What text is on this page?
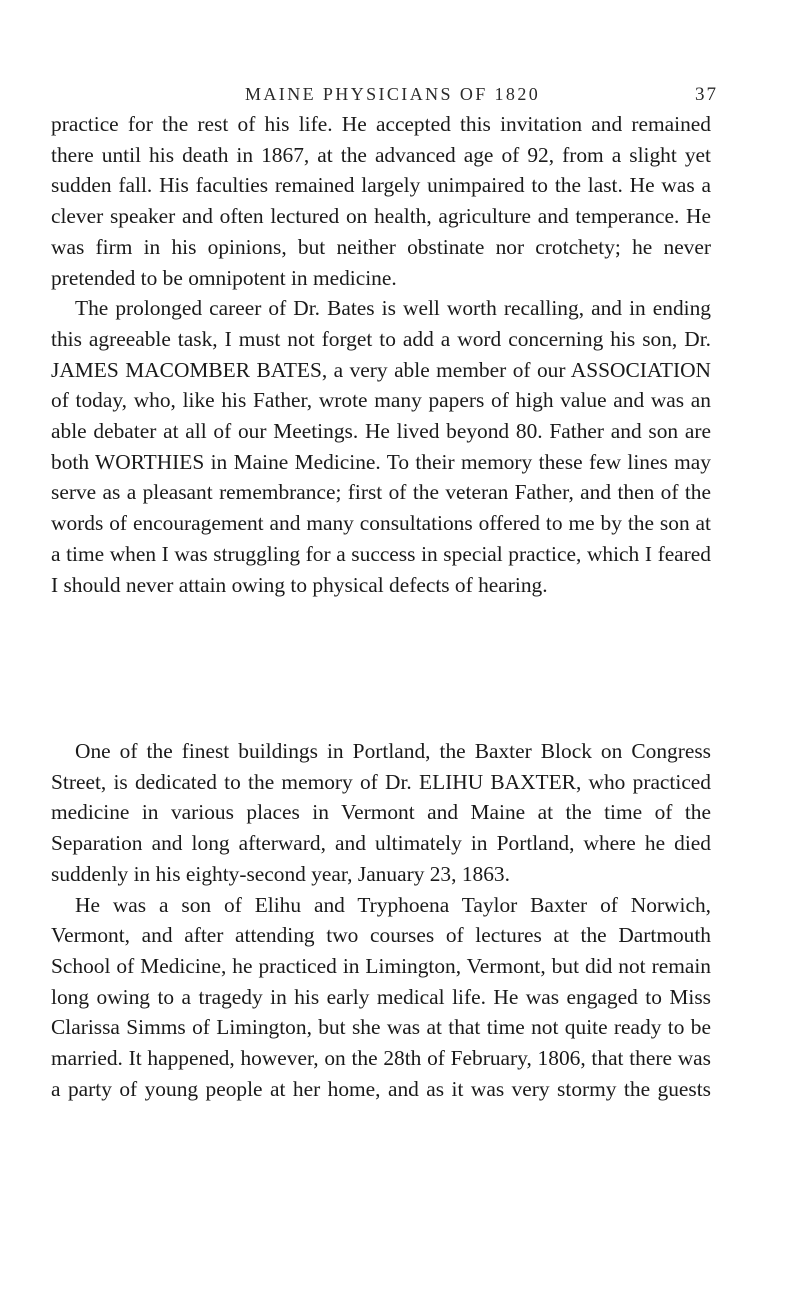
MAINE PHYSICIANS OF 1820	37

practice for the rest of his life. He accepted this invitation and remained there until his death in 1867, at the advanced age of 92, from a slight yet sudden fall. His faculties remained largely unimpaired to the last. He was a clever speaker and often lectured on health, agriculture and temperance. He was firm in his opinions, but neither obstinate nor crotchety; he never pretended to be omnipotent in medicine.

The prolonged career of Dr. Bates is well worth recalling, and in ending this agreeable task, I must not forget to add a word concerning his son, Dr. JAMES MACOMBER BATES, a very able member of our ASSOCIATION of today, who, like his Father, wrote many papers of high value and was an able debater at all of our Meetings. He lived beyond 80. Father and son are both WORTHIES in Maine Medicine. To their memory these few lines may serve as a pleasant remembrance; first of the veteran Father, and then of the words of encouragement and many consultations offered to me by the son at a time when I was struggling for a success in special practice, which I feared I should never attain owing to physical defects of hearing.

One of the finest buildings in Portland, the Baxter Block on Congress Street, is dedicated to the memory of Dr. ELIHU BAXTER, who practiced medicine in various places in Vermont and Maine at the time of the Separation and long afterward, and ultimately in Portland, where he died suddenly in his eighty-second year, January 23, 1863.

He was a son of Elihu and Tryphoena Taylor Baxter of Norwich, Vermont, and after attending two courses of lectures at the Dartmouth School of Medicine, he practiced in Limington, Vermont, but did not remain long owing to a tragedy in his early medical life. He was engaged to Miss Clarissa Simms of Limington, but she was at that time not quite ready to be married. It happened, however, on the 28th of February, 1806, that there was a party of young people at her home, and as it was very stormy the guests
